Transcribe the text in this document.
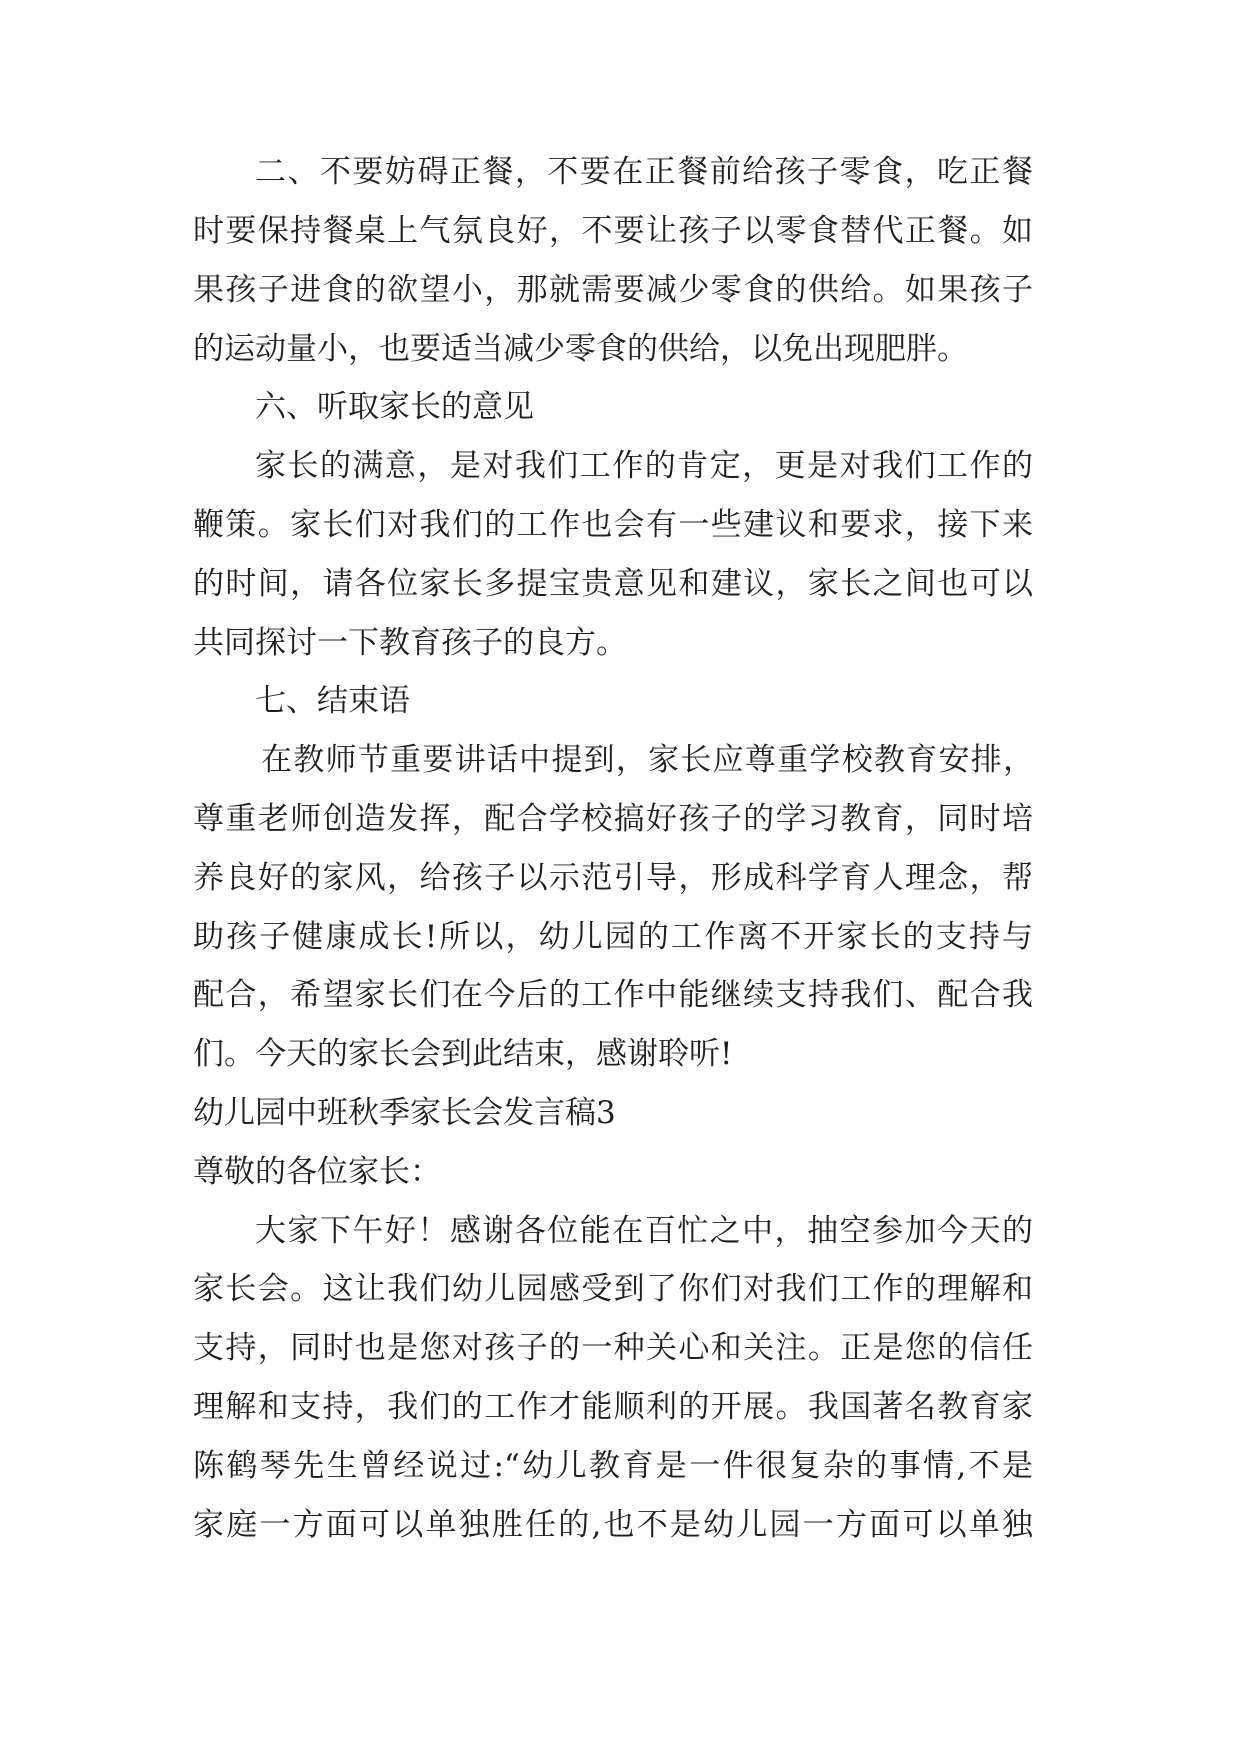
二、不要妨碍正餐，不要在正餐前给孩子零食，吃正餐
时要保持餐桌上气氛良好，不要让孩子以零食替代正餐。如
果孩子进食的欲望小，那就需要减少零食的供给。如果孩子
的运动量小，也要适当减少零食的供给，以免出现肥胖。
六、听取家长的意见
家长的满意，是对我们工作的肯定，更是对我们工作的
鞭策。家长们对我们的工作也会有一些建议和要求，接下来
的时间，请各位家长多提宝贵意见和建议，家长之间也可以
共同探讨一下教育孩子的良方。
七、结束语
在教师节重要讲话中提到，家长应尊重学校教育安排，
尊重老师创造发挥，配合学校搞好孩子的学习教育，同时培
养良好的家风，给孩子以示范引导，形成科学育人理念，帮
助孩子健康成长!所以，幼儿园的工作离不开家长的支持与
配合，希望家长们在今后的工作中能继续支持我们、配合我
们。今天的家长会到此结束，感谢聆听!
幼儿园中班秋季家长会发言稿3
尊敬的各位家长：
大家下午好！感谢各位能在百忙之中，抽空参加今天的
家长会。这让我们幼儿园感受到了你们对我们工作的理解和
支持，同时也是您对孩子的一种关心和关注。正是您的信任
理解和支持，我们的工作才能顺利的开展。我国著名教育家
陈鹤琴先生曾经说过:“幼儿教育是一件很复杂的事情,不是
家庭一方面可以单独胜任的,也不是幼儿园一方面可以单独
